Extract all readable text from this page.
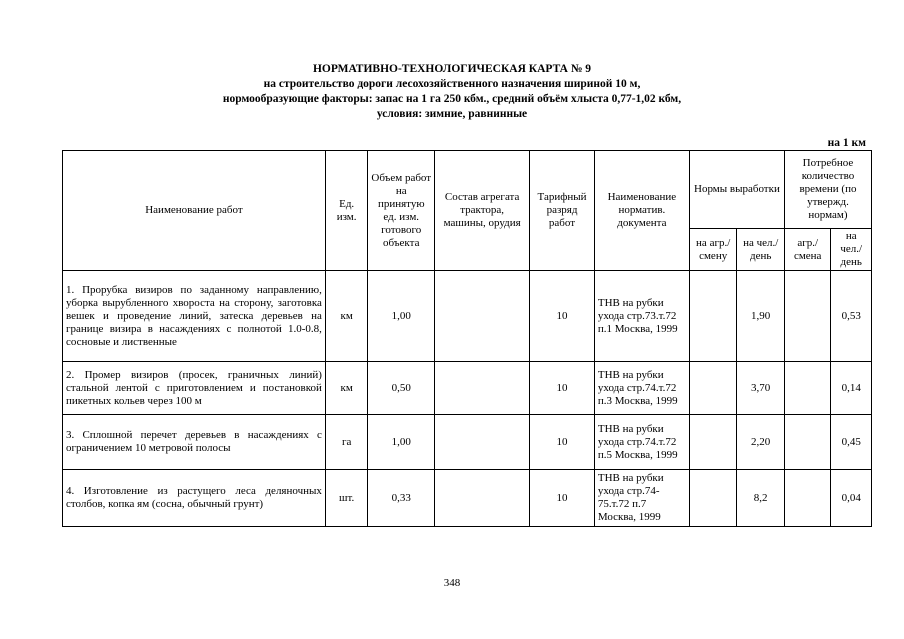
НОРМАТИВНО-ТЕХНОЛОГИЧЕСКАЯ КАРТА № 9
на строительство дороги лесохозяйственного назначения шириной 10 м,
нормообразующие факторы: запас на 1 га 250 кбм., средний объём хлыста 0,77-1,02 кбм,
условия: зимние, равнинные
на 1 км
Наименование работ	Ед. изм.	Объем работ на принятую ед. изм. готового объекта	Состав агрегата трактора, машины, орудия	Тарифный разряд работ	Наименование норматив. документа	Нормы выработки		Потребное количество времени (по утвержд. нормам)	
						на агр./ смену	на чел./ день	агр./ смена	на чел./ день
1. Прорубка визиров по заданному направлению, уборка вырубленного хвороста на сторону, заготовка вешек и проведение линий, затеска деревьев на границе визира в насаждениях с полнотой 1.0-0.8, сосновые и лиственные	км	1,00		10	ТНВ на рубки ухода стр.73.т.72 п.1 Москва, 1999		1,90		0,53
2. Промер визиров (просек, граничных линий) стальной лентой с приготовлением и постановкой пикетных кольев через 100 м	км	0,50		10	ТНВ на рубки ухода стр.74.т.72 п.3 Москва, 1999		3,70		0,14
3. Сплошной перечет деревьев в насаждениях с ограничением 10 метровой полосы	га	1,00		10	ТНВ на рубки ухода стр.74.т.72 п.5 Москва, 1999		2,20		0,45
4. Изготовление из растущего леса деляночных столбов, копка ям (сосна, обычный грунт)	шт.	0,33		10	ТНВ на рубки ухода стр.74-75.т.72 п.7 Москва, 1999		8,2		0,04
348
